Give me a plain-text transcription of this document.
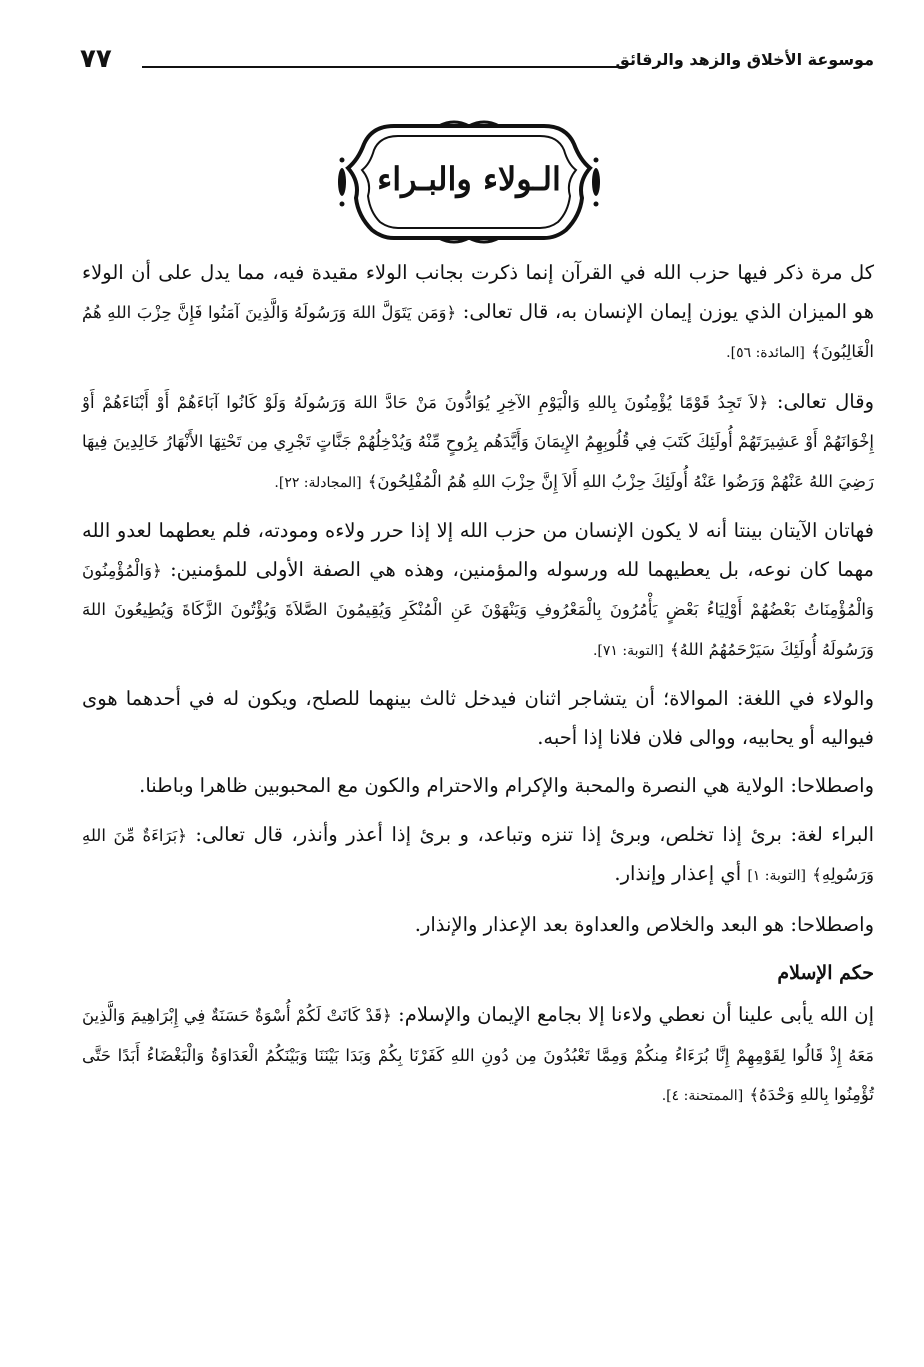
موسوعة الأخلاق والزهد والرقائق
٧٧
الـولاء والبـراء

كل مرة ذكر فيها حزب الله في القرآن إنما ذكرت بجانب الولاء مقيدة فيه، مما يدل على أن الولاء هو الميزان الذي يوزن إيمان الإنسان به، قال تعالى: ﴿وَمَن يَتَوَلَّ اللهَ وَرَسُولَهُ وَالَّذِينَ آمَنُوا فَإِنَّ حِزْبَ اللهِ هُمُ الْغَالِبُونَ﴾ [المائدة: ٥٦].

وقال تعالى: ﴿لاَ تَجِدُ قَوْمًا يُؤْمِنُونَ بِاللهِ وَالْيَوْمِ الآخِرِ يُوَادُّونَ مَنْ حَادَّ اللهَ وَرَسُولَهُ وَلَوْ كَانُوا آبَاءَهُمْ أَوْ أَبْنَاءَهُمْ أَوْ إِخْوَانَهُمْ أَوْ عَشِيرَتَهُمْ أُولَئِكَ كَتَبَ فِي قُلُوبِهِمُ الإِيمَانَ وَأَيَّدَهُم بِرُوحٍ مِّنْهُ وَيُدْخِلُهُمْ جَنَّاتٍ تَجْرِي مِن تَحْتِهَا الأَنْهَارُ خَالِدِينَ فِيهَا رَضِيَ اللهُ عَنْهُمْ وَرَضُوا عَنْهُ أُولَئِكَ حِزْبُ اللهِ أَلاَ إِنَّ حِزْبَ اللهِ هُمُ الْمُفْلِحُونَ﴾ [المجادلة: ٢٢].

فهاتان الآيتان بينتا أنه لا يكون الإنسان من حزب الله إلا إذا حرر ولاءه ومودته، فلم يعطهما لعدو الله مهما كان نوعه، بل يعطيهما لله ورسوله والمؤمنين، وهذه هي الصفة الأولى للمؤمنين: ﴿وَالْمُؤْمِنُونَ وَالْمُؤْمِنَاتُ بَعْضُهُمْ أَوْلِيَاءُ بَعْضٍ يَأْمُرُونَ بِالْمَعْرُوفِ وَيَنْهَوْنَ عَنِ الْمُنْكَرِ وَيُقِيمُونَ الصَّلاَةَ وَيُؤْتُونَ الزَّكَاةَ وَيُطِيعُونَ اللهَ وَرَسُولَهُ أُولَئِكَ سَيَرْحَمُهُمُ اللهُ﴾ [التوبة: ٧١].

والولاء في اللغة: الموالاة؛ أن يتشاجر اثنان فيدخل ثالث بينهما للصلح، ويكون له في أحدهما هوى فيواليه أو يحابيه، ووالى فلان فلانا إذا أحبه.

واصطلاحا: الولاية هي النصرة والمحبة والإكرام والاحترام والكون مع المحبوبين ظاهرا وباطنا.

البراء لغة: برئ إذا تخلص، وبرئ إذا تنزه وتباعد، و برئ إذا أعذر وأنذر، قال تعالى: ﴿بَرَاءَةٌ مِّنَ اللهِ وَرَسُولِهِ﴾ [التوبة: ١] أي إعذار وإنذار.

واصطلاحا: هو البعد والخلاص والعداوة بعد الإعذار والإنذار.

حكم الإسلام

إن الله يأبى علينا أن نعطي ولاءنا إلا بجامع الإيمان والإسلام: ﴿قَدْ كَانَتْ لَكُمْ أُسْوَةٌ حَسَنَةٌ فِي إِبْرَاهِيمَ وَالَّذِينَ مَعَهُ إِذْ قَالُوا لِقَوْمِهِمْ إِنَّا بُرَءَاءُ مِنكُمْ وَمِمَّا تَعْبُدُونَ مِن دُونِ اللهِ كَفَرْنَا بِكُمْ وَبَدَا بَيْنَنَا وَبَيْنَكُمُ الْعَدَاوَةُ وَالْبَغْضَاءُ أَبَدًا حَتَّى تُؤْمِنُوا بِاللهِ وَحْدَهُ﴾ [الممتحنة: ٤].
